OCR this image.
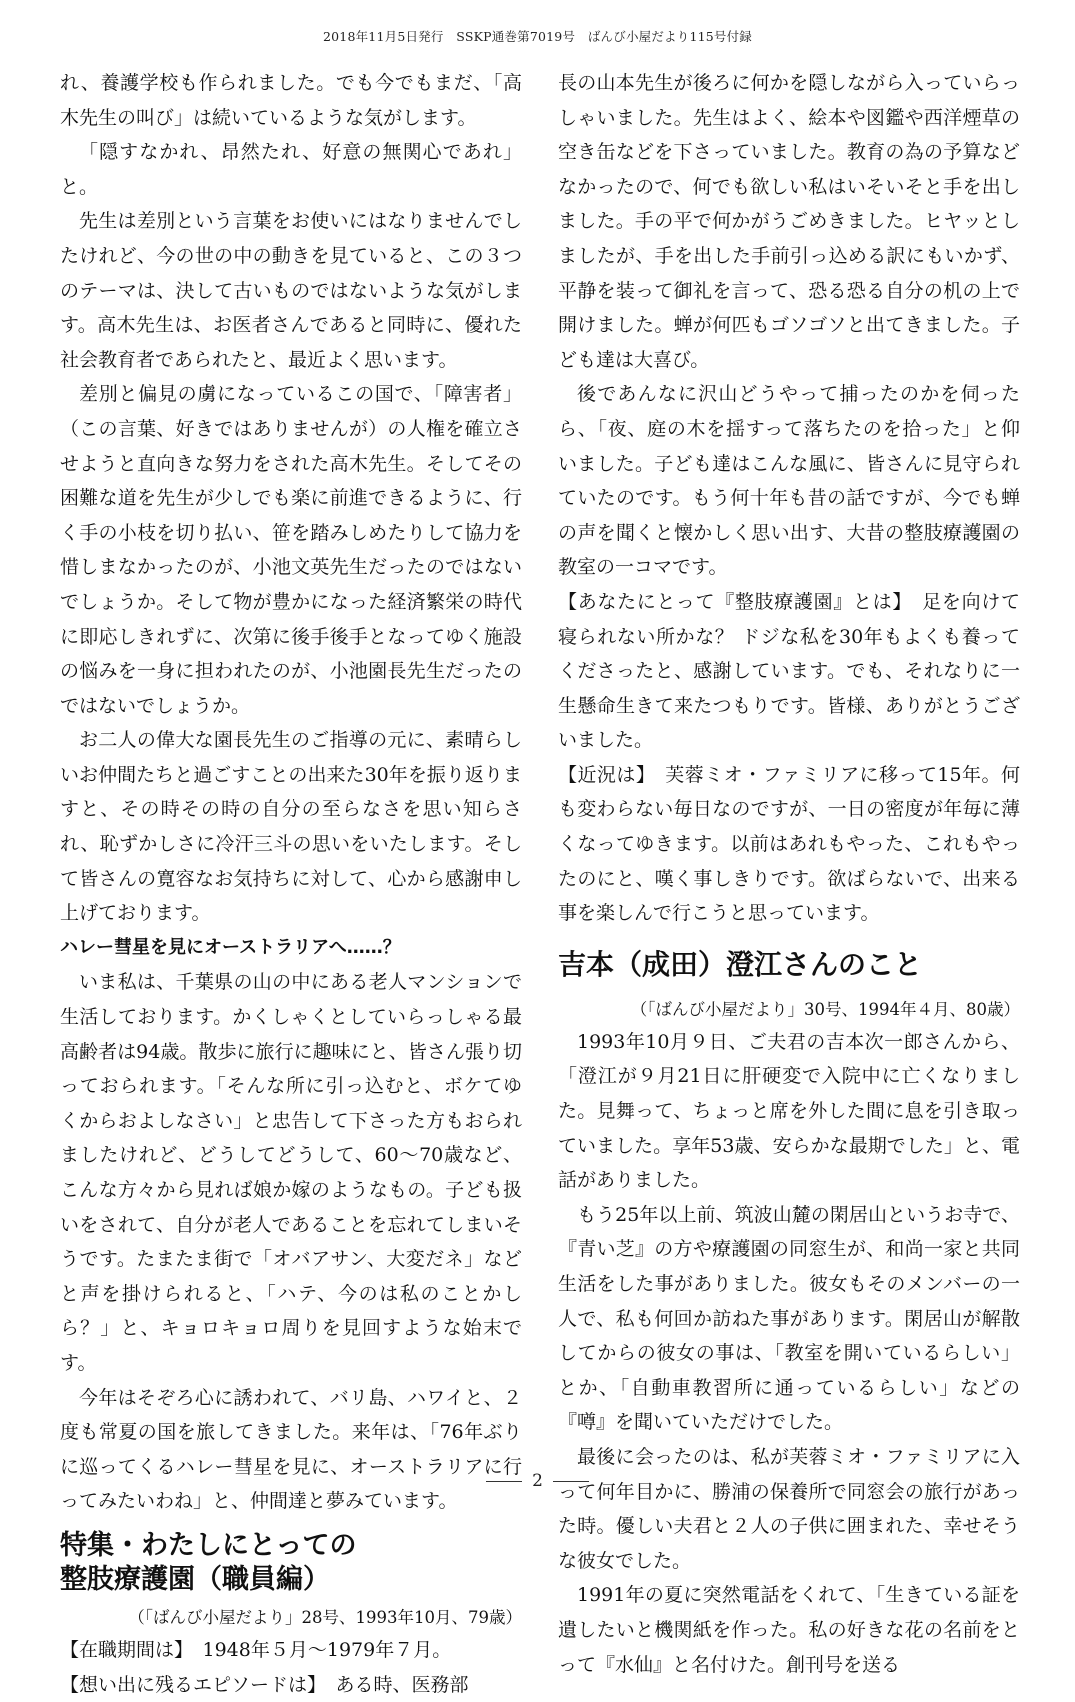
2018年11月5日発行　SSKP通巻第7019号　ばんび小屋だより115号付録

れ、養護学校も作られました。でも今でもまだ、「高木先生の叫び」は続いているような気がします。

「隠すなかれ、昂然たれ、好意の無関心であれ」と。

先生は差別という言葉をお使いにはなりませんでしたけれど、今の世の中の動きを見ていると、この３つのテーマは、決して古いものではないような気がします。高木先生は、お医者さんであると同時に、優れた社会教育者であられたと、最近よく思います。

差別と偏見の虜になっているこの国で、「障害者」（この言葉、好きではありませんが）の人権を確立させようと直向きな努力をされた高木先生。そしてその困難な道を先生が少しでも楽に前進できるように、行く手の小枝を切り払い、笹を踏みしめたりして協力を惜しまなかったのが、小池文英先生だったのではないでしょうか。そして物が豊かになった経済繁栄の時代に即応しきれずに、次第に後手後手となってゆく施設の悩みを一身に担われたのが、小池園長先生だったのではないでしょうか。

お二人の偉大な園長先生のご指導の元に、素晴らしいお仲間たちと過ごすことの出来た30年を振り返りますと、その時その時の自分の至らなさを思い知らされ、恥ずかしさに冷汗三斗の思いをいたします。そして皆さんの寛容なお気持ちに対して、心から感謝申し上げております。

ハレー彗星を見にオーストラリアへ……？

いま私は、千葉県の山の中にある老人マンションで生活しております。かくしゃくとしていらっしゃる最高齢者は94歳。散歩に旅行に趣味にと、皆さん張り切っておられます。「そんな所に引っ込むと、ボケてゆくからおよしなさい」と忠告して下さった方もおられましたけれど、どうしてどうして、60〜70歳など、こんな方々から見れば娘か嫁のようなもの。子ども扱いをされて、自分が老人であることを忘れてしまいそうです。たまたま街で「オバアサン、大変だネ」などと声を掛けられると、「ハテ、今のは私のことかしら？」と、キョロキョロ周りを見回すような始末です。

今年はそぞろ心に誘われて、バリ島、ハワイと、２度も常夏の国を旅してきました。来年は、「76年ぶりに巡ってくるハレー彗星を見に、オーストラリアに行ってみたいわね」と、仲間達と夢みています。

特集・わたしにとっての
整肢療護園（職員編）

（「ばんび小屋だより」28号、1993年10月、79歳）

【在職期間は】　1948年５月〜1979年７月。

【想い出に残るエピソードは】　ある時、医務部

長の山本先生が後ろに何かを隠しながら入っていらっしゃいました。先生はよく、絵本や図鑑や西洋煙草の空き缶などを下さっていました。教育の為の予算などなかったので、何でも欲しい私はいそいそと手を出しました。手の平で何かがうごめきました。ヒヤッとしましたが、手を出した手前引っ込める訳にもいかず、平静を装って御礼を言って、恐る恐る自分の机の上で開けました。蝉が何匹もゴソゴソと出てきました。子ども達は大喜び。

後であんなに沢山どうやって捕ったのかを伺ったら、「夜、庭の木を揺すって落ちたのを拾った」と仰いました。子ども達はこんな風に、皆さんに見守られていたのです。もう何十年も昔の話ですが、今でも蝉の声を聞くと懐かしく思い出す、大昔の整肢療護園の教室の一コマです。

【あなたにとって『整肢療護園』とは】　足を向けて寝られない所かな？ ドジな私を30年もよくも養ってくださったと、感謝しています。でも、それなりに一生懸命生きて来たつもりです。皆様、ありがとうございました。

【近況は】　芙蓉ミオ・ファミリアに移って15年。何も変わらない毎日なのですが、一日の密度が年毎に薄くなってゆきます。以前はあれもやった、これもやったのにと、嘆く事しきりです。欲ばらないで、出来る事を楽しんで行こうと思っています。

吉本（成田）澄江さんのこと

（「ばんび小屋だより」30号、1994年４月、80歳）

1993年10月９日、ご夫君の吉本次一郎さんから、「澄江が９月21日に肝硬変で入院中に亡くなりました。見舞って、ちょっと席を外した間に息を引き取っていました。享年53歳、安らかな最期でした」と、電話がありました。

もう25年以上前、筑波山麓の閑居山というお寺で、『青い芝』の方や療護園の同窓生が、和尚一家と共同生活をした事がありました。彼女もそのメンバーの一人で、私も何回か訪ねた事があります。閑居山が解散してからの彼女の事は、「教室を開いているらしい」とか、「自動車教習所に通っているらしい」などの『噂』を聞いていただけでした。

最後に会ったのは、私が芙蓉ミオ・ファミリアに入って何年目かに、勝浦の保養所で同窓会の旅行があった時。優しい夫君と２人の子供に囲まれた、幸せそうな彼女でした。

1991年の夏に突然電話をくれて、「生きている証を遺したいと機関紙を作った。私の好きな花の名前をとって『水仙』と名付けた。創刊号を送る

2
